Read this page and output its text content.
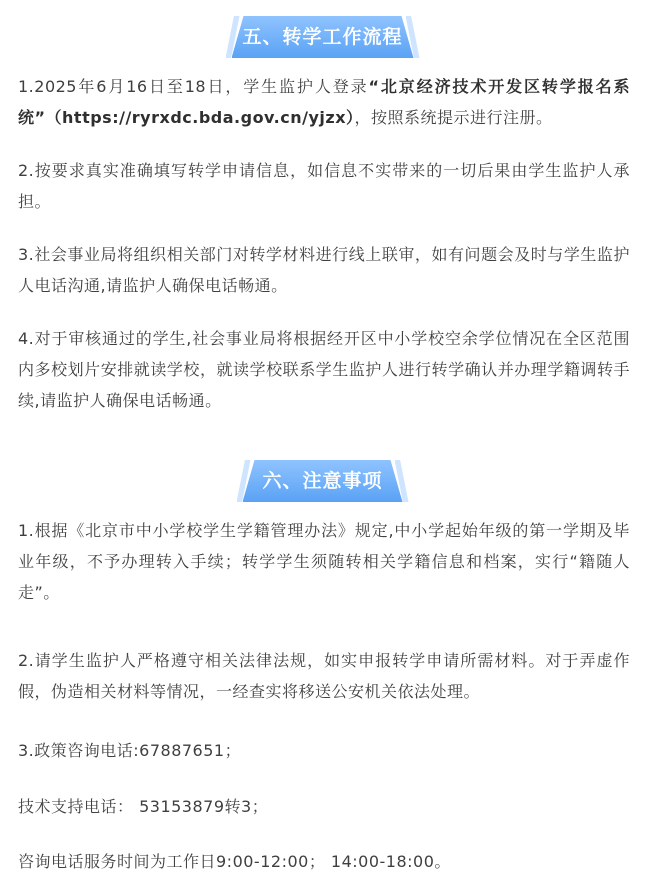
五、转学工作流程
1.2025年6月16日至18日，学生监护人登录“北京经济技术开发区转学报名系统”（https://ryrxdc.bda.gov.cn/yjzx），按照系统提示进行注册。
2.按要求真实准确填写转学申请信息，如信息不实带来的一切后果由学生监护人承担。
3.社会事业局将组织相关部门对转学材料进行线上联审，如有问题会及时与学生监护人电话沟通,请监护人确保电话畅通。
4.对于审核通过的学生,社会事业局将根据经开区中小学校空余学位情况在全区范围内多校划片安排就读学校，就读学校联系学生监护人进行转学确认并办理学籍调转手续,请监护人确保电话畅通。
六、注意事项
1.根据《北京市中小学校学生学籍管理办法》规定,中小学起始年级的第一学期及毕业年级，不予办理转入手续；转学学生须随转相关学籍信息和档案，实行“籍随人走”。
2.请学生监护人严格遵守相关法律法规，如实申报转学申请所需材料。对于弄虚作假，伪造相关材料等情况，一经查实将移送公安机关依法处理。
3.政策咨询电话:67887651；
技术支持电话： 53153879转3；
咨询电话服务时间为工作日9:00-12:00； 14:00-18:00。
